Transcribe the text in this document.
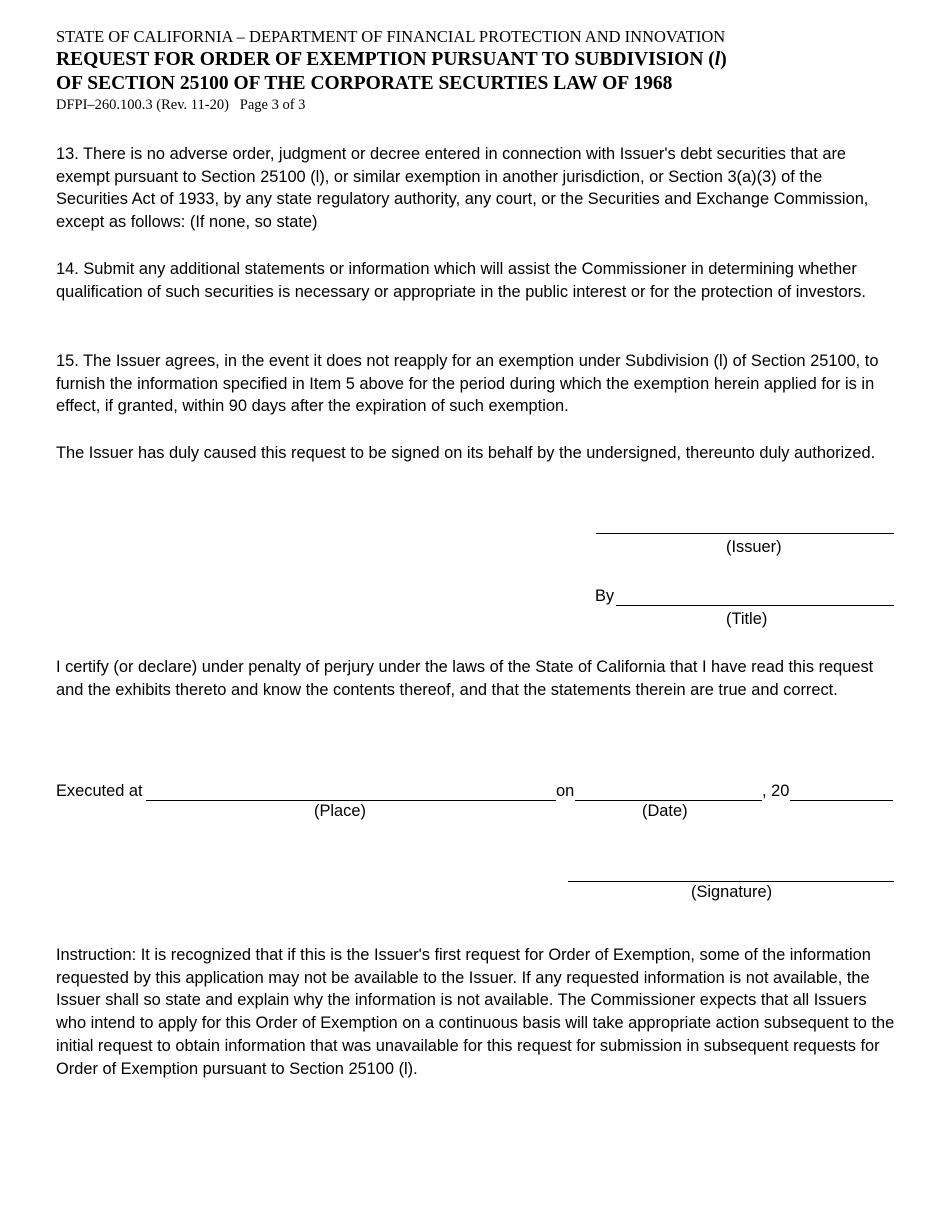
STATE OF CALIFORNIA – DEPARTMENT OF FINANCIAL PROTECTION AND INNOVATION
REQUEST FOR ORDER OF EXEMPTION PURSUANT TO SUBDIVISION (l)
OF SECTION 25100 OF THE CORPORATE SECURTIES LAW OF 1968
DFPI–260.100.3 (Rev. 11-20)   Page 3 of 3

13. There is no adverse order, judgment or decree entered in connection with Issuer's debt securities that are exempt pursuant to Section 25100 (l), or similar exemption in another jurisdiction, or Section 3(a)(3) of the Securities Act of 1933, by any state regulatory authority, any court, or the Securities and Exchange Commission, except as follows: (If none, so state)

14. Submit any additional statements or information which will assist the Commissioner in determining whether qualification of such securities is necessary or appropriate in the public interest or for the protection of investors.

15. The Issuer agrees, in the event it does not reapply for an exemption under Subdivision (l) of Section 25100, to furnish the information specified in Item 5 above for the period during which the exemption herein applied for is in effect, if granted, within 90 days after the expiration of such exemption.

The Issuer has duly caused this request to be signed on its behalf by the undersigned, thereunto duly authorized.

(Issuer)
By
(Title)

I certify (or declare) under penalty of perjury under the laws of the State of California that I have read this request and the exhibits thereto and know the contents thereof, and that the statements therein are true and correct.

Executed at
(Place)
on
(Date)
, 20
(Signature)

Instruction: It is recognized that if this is the Issuer's first request for Order of Exemption, some of the information requested by this application may not be available to the Issuer. If any requested information is not available, the Issuer shall so state and explain why the information is not available. The Commissioner expects that all Issuers who intend to apply for this Order of Exemption on a continuous basis will take appropriate action subsequent to the initial request to obtain information that was unavailable for this request for submission in subsequent requests for Order of Exemption pursuant to Section 25100 (l).
